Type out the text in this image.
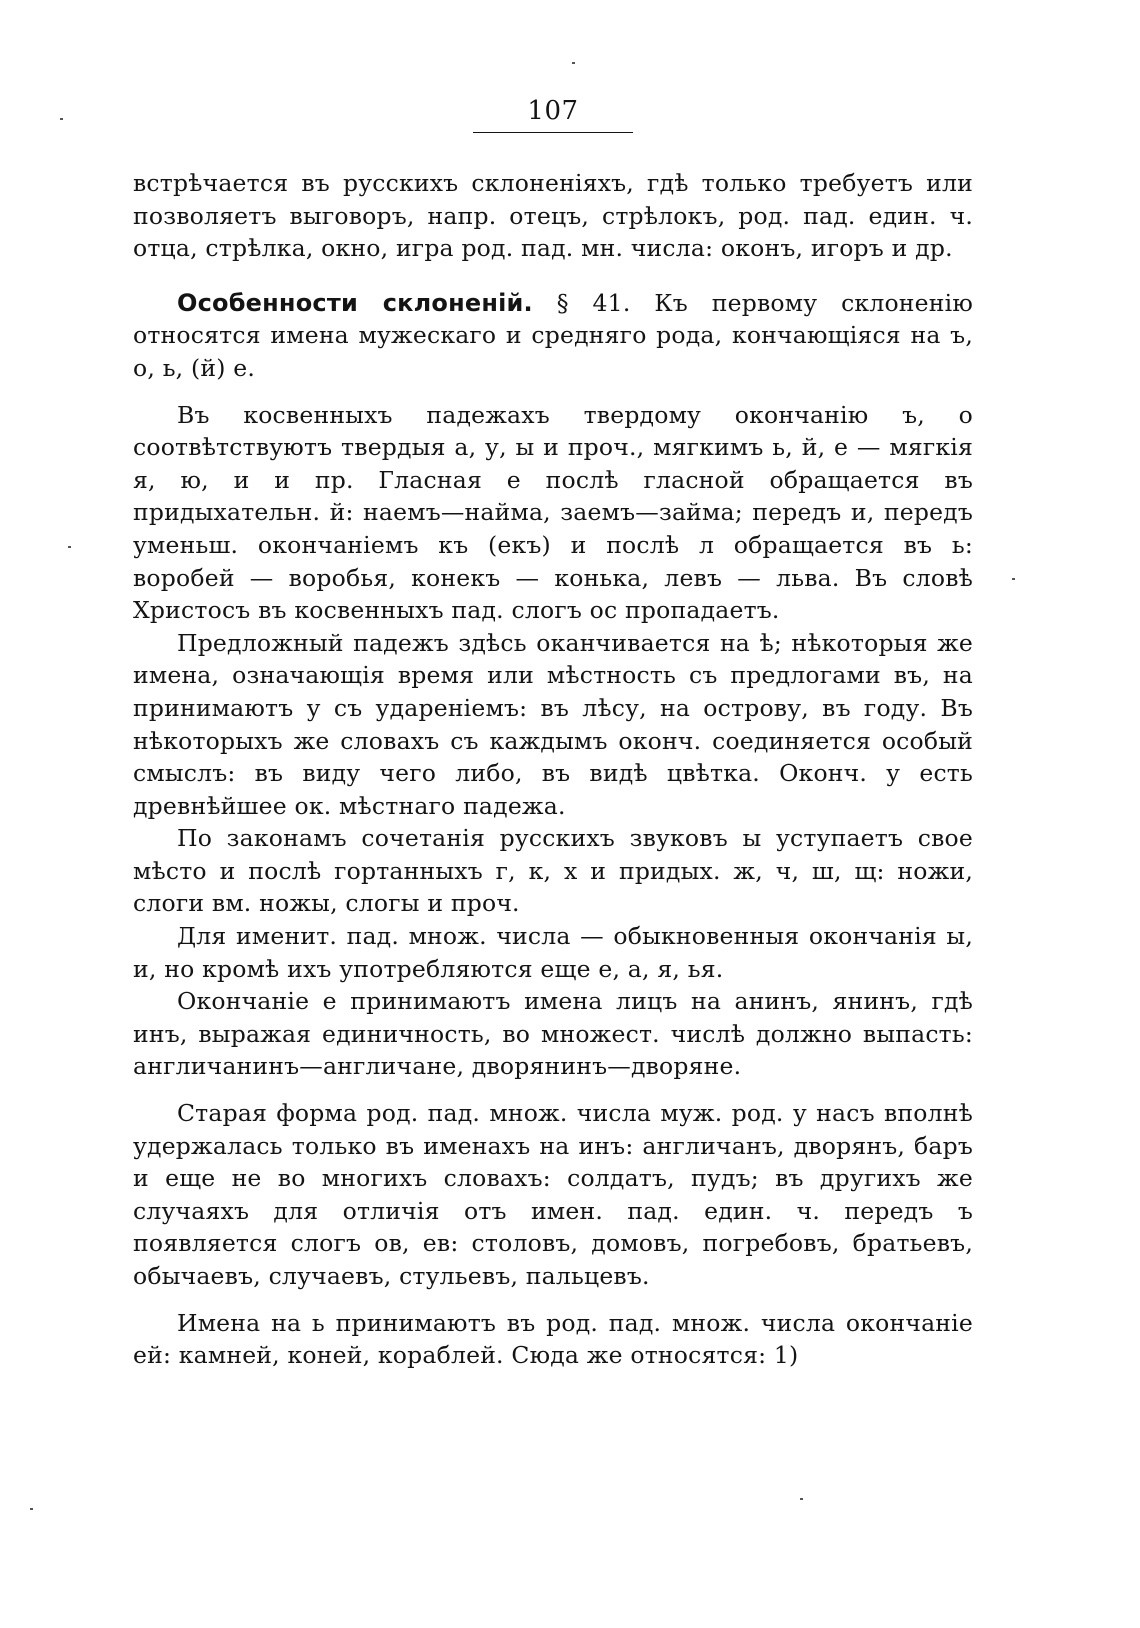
107

встрѣчается въ русскихъ склоненiяхъ, гдѣ только требуетъ или позволяетъ выговоръ, напр. отецъ, стрѣлокъ, род. пад. един. ч. отца, стрѣлка, окно, игра род. пад. мн. числа: оконъ, игоръ и др.

Особенности склоненiй. § 41. Къ первому склоненiю относятся имена мужескаго и средняго рода, кончающiяся на ъ, о, ь, (й) е.

Въ косвенныхъ падежахъ твердому окончанiю ъ, о соотвѣтствуютъ твердыя а, у, ы и проч., мягкимъ ь, й, е — мягкiя я, ю, и и пр. Гласная е послѣ гласной обращается въ придыхательн. й: наемъ—найма, заемъ—займа; передъ и, передъ уменьш. окончанiемъ къ (екъ) и послѣ л обращается въ ь: воробей — воробья, конекъ — конька, левъ — льва. Въ словѣ Христосъ въ косвенныхъ пад. слогъ ос пропадаетъ.

Предложный падежъ здѣсь оканчивается на ѣ; нѣкоторыя же имена, означающiя время или мѣстность съ предлогами въ, на принимаютъ у съ ударенiемъ: въ лѣсу, на острову, въ году. Въ нѣкоторыхъ же словахъ съ каждымъ оконч. соединяется особый смыслъ: въ виду чего либо, въ видѣ цвѣтка. Оконч. у есть древнѣйшее ок. мѣстнаго падежа.

По законамъ сочетанiя русскихъ звуковъ ы уступаетъ свое мѣсто и послѣ гортанныхъ г, к, х и придых. ж, ч, ш, щ: ножи, слоги вм. ножы, слогы и проч.

Для именит. пад. множ. числа — обыкновенныя окончанiя ы, и, но кромѣ ихъ употребляются еще е, а, я, ья.

Окончанiе е принимаютъ имена лицъ на анинъ, янинъ, гдѣ инъ, выражая единичность, во множест. числѣ должно выпасть: англичанинъ—англичане, дворянинъ—дворяне.

Старая форма род. пад. множ. числа муж. род. у насъ вполнѣ удержалась только въ именахъ на инъ: англичанъ, дворянъ, баръ и еще не во многихъ словахъ: солдатъ, пудъ; въ другихъ же случаяхъ для отличiя отъ имен. пад. един. ч. передъ ъ появляется слогъ ов, ев: столовъ, домовъ, погребовъ, братьевъ, обычаевъ, случаевъ, стульевъ, пальцевъ.

Имена на ь принимаютъ въ род. пад. множ. числа окончанiе ей: камней, коней, кораблей. Сюда же относятся: 1)
